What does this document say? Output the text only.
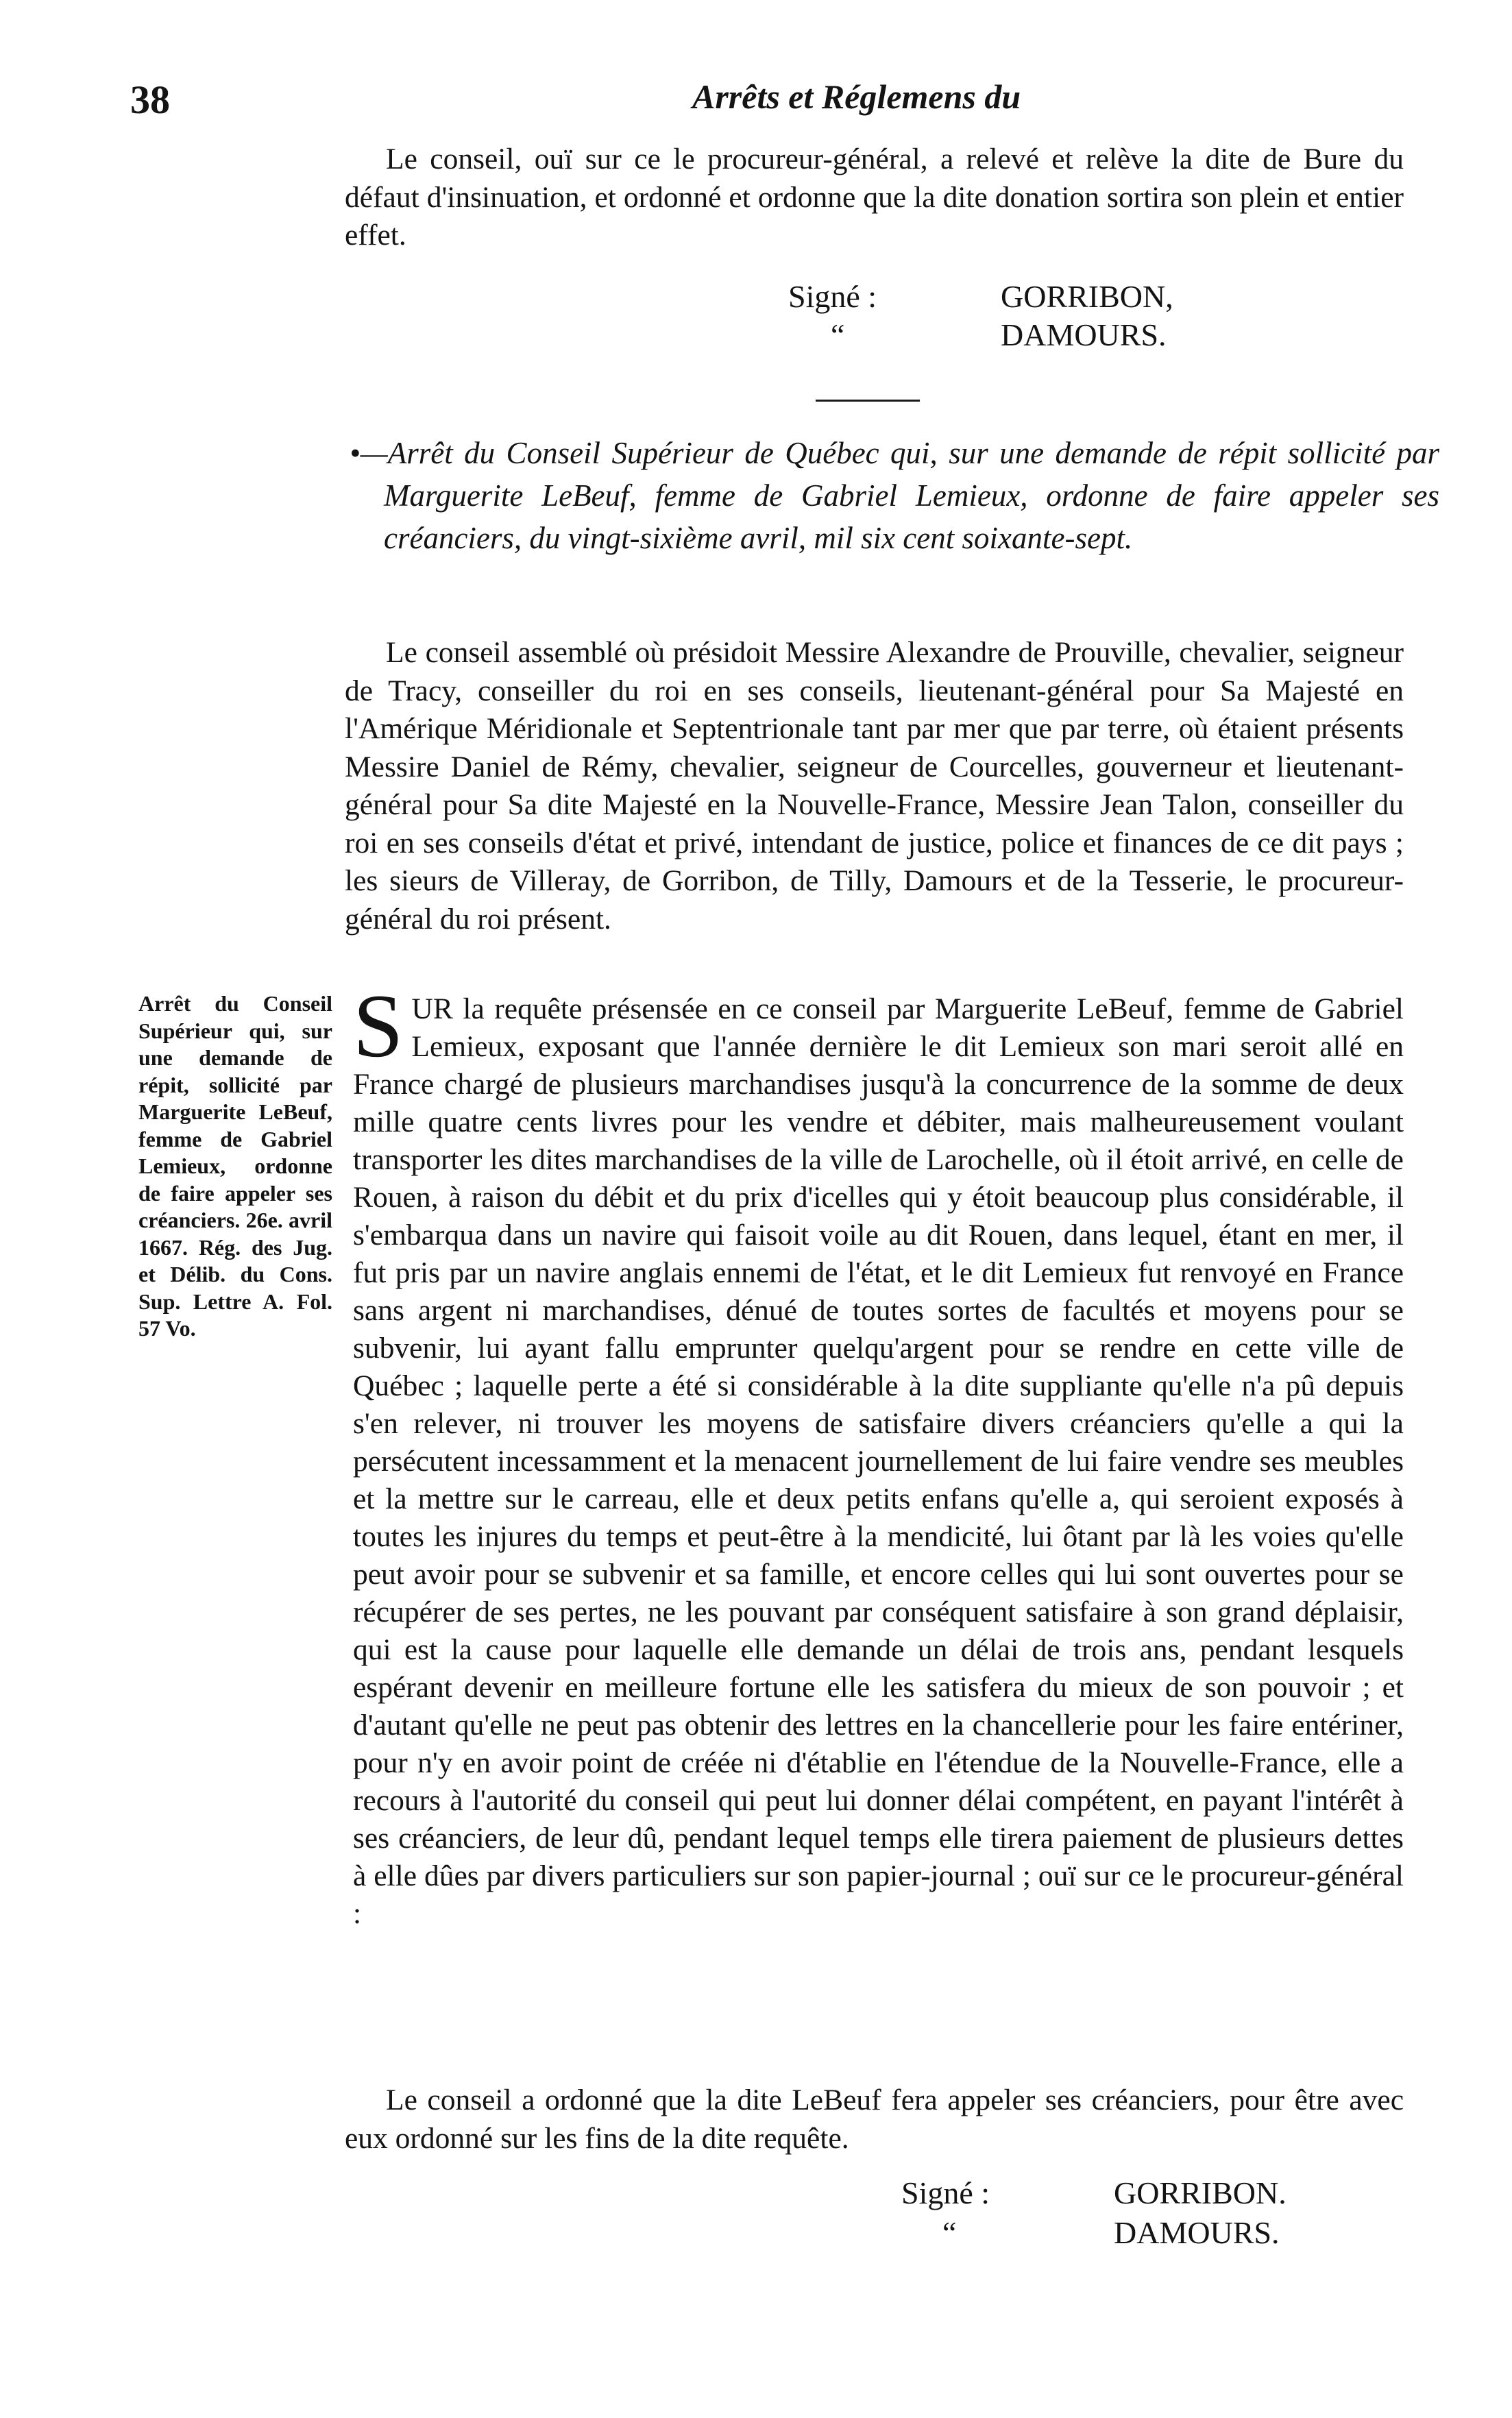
38	Arrêts et Réglemens du

Le conseil, ouï sur ce le procureur-général, a relevé et relève la dite de Bure du défaut d'insinuation, et ordonné et ordonne que la dite donation sortira son plein et entier effet.

Signé :
“
GORRIBON,
DAMOURS.

•—Arrêt du Conseil Supérieur de Québec qui, sur une demande de répit sollicité par Marguerite LeBeuf, femme de Gabriel Lemieux, ordonne de faire appeler ses créanciers, du vingt-sixième avril, mil six cent soixante-sept.

Le conseil assemblé où présidoit Messire Alexandre de Prouville, chevalier, seigneur de Tracy, conseiller du roi en ses conseils, lieutenant-général pour Sa Majesté en l'Amérique Méridionale et Septentrionale tant par mer que par terre, où étaient présents Messire Daniel de Rémy, chevalier, seigneur de Courcelles, gouverneur et lieutenant-général pour Sa dite Majesté en la Nouvelle-France, Messire Jean Talon, conseiller du roi en ses conseils d'état et privé, intendant de justice, police et finances de ce dit pays ; les sieurs de Villeray, de Gorribon, de Tilly, Damours et de la Tesserie, le procureur-général du roi présent.

Arrêt du Conseil Supérieur qui, sur une demande de répit, sollicité par Marguerite LeBeuf, femme de Gabriel Lemieux, ordonne de faire appeler ses créanciers. 26e. avril 1667. Rég. des Jug. et Délib. du Cons. Sup. Lettre A. Fol. 57 Vo.

SUR la requête présensée en ce conseil par Marguerite LeBeuf, femme de Gabriel Lemieux, exposant que l'année dernière le dit Lemieux son mari seroit allé en France chargé de plusieurs marchandises jusqu'à la concurrence de la somme de deux mille quatre cents livres pour les vendre et débiter, mais malheureusement voulant transporter les dites marchandises de la ville de Larochelle, où il étoit arrivé, en celle de Rouen, à raison du débit et du prix d'icelles qui y étoit beaucoup plus considérable, il s'embarqua dans un navire qui faisoit voile au dit Rouen, dans lequel, étant en mer, il fut pris par un navire anglais ennemi de l'état, et le dit Lemieux fut renvoyé en France sans argent ni marchandises, dénué de toutes sortes de facultés et moyens pour se subvenir, lui ayant fallu emprunter quelqu'argent pour se rendre en cette ville de Québec ; laquelle perte a été si considérable à la dite suppliante qu'elle n'a pû depuis s'en relever, ni trouver les moyens de satisfaire divers créanciers qu'elle a qui la persécutent incessamment et la menacent journellement de lui faire vendre ses meubles et la mettre sur le carreau, elle et deux petits enfans qu'elle a, qui seroient exposés à toutes les injures du temps et peut-être à la mendicité, lui ôtant par là les voies qu'elle peut avoir pour se subvenir et sa famille, et encore celles qui lui sont ouvertes pour se récupérer de ses pertes, ne les pouvant par conséquent satisfaire à son grand déplaisir, qui est la cause pour laquelle elle demande un délai de trois ans, pendant lesquels espérant devenir en meilleure fortune elle les satisfera du mieux de son pouvoir ; et d'autant qu'elle ne peut pas obtenir des lettres en la chancellerie pour les faire entériner, pour n'y en avoir point de créée ni d'établie en l'étendue de la Nouvelle-France, elle a recours à l'autorité du conseil qui peut lui donner délai compétent, en payant l'intérêt à ses créanciers, de leur dû, pendant lequel temps elle tirera paiement de plusieurs dettes à elle dûes par divers particuliers sur son papier-journal ; ouï sur ce le procureur-général :

Le conseil a ordonné que la dite LeBeuf fera appeler ses créanciers, pour être avec eux ordonné sur les fins de la dite requête.

Signé :
“
GORRIBON.
DAMOURS.
